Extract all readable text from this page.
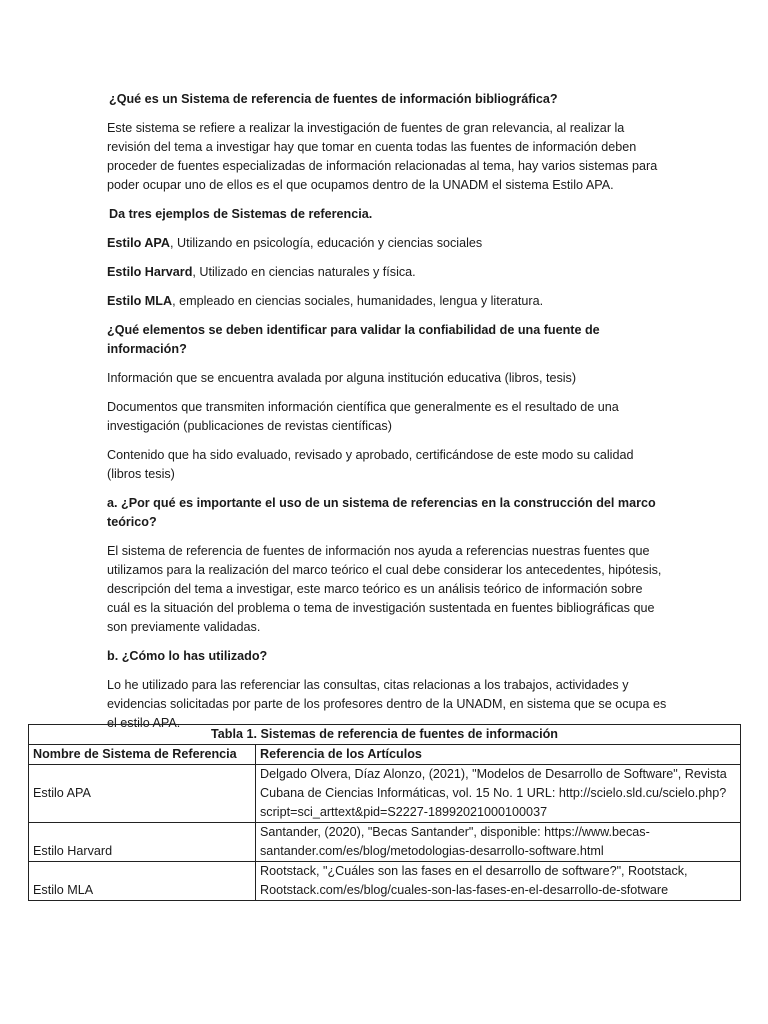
¿Qué es un Sistema de referencia de fuentes de información bibliográfica?

Este sistema se refiere a realizar la investigación de fuentes de gran relevancia, al realizar la revisión del tema a investigar hay que tomar en cuenta todas las fuentes de información deben proceder de fuentes especializadas de información relacionadas al tema, hay varios sistemas para poder ocupar uno de ellos es el que ocupamos dentro de la UNADM el sistema Estilo APA.

Da tres ejemplos de Sistemas de referencia.

Estilo APA, Utilizando en psicología, educación y ciencias sociales

Estilo Harvard, Utilizado en ciencias naturales y física.

Estilo MLA, empleado en ciencias sociales, humanidades, lengua y literatura.

¿Qué elementos se deben identificar para validar la confiabilidad de una fuente de información?

Información que se encuentra avalada por alguna institución educativa (libros, tesis)

Documentos que transmiten información científica que generalmente es el resultado de una investigación (publicaciones de revistas científicas)

Contenido que ha sido evaluado, revisado y aprobado, certificándose de este modo su calidad (libros tesis)

a. ¿Por qué es importante el uso de un sistema de referencias en la construcción del marco teórico?

El sistema de referencia de fuentes de información nos ayuda a referencias nuestras fuentes que utilizamos para la realización del marco teórico el cual debe considerar los antecedentes, hipótesis, descripción del tema a investigar, este marco teórico es un análisis teórico de información sobre cuál es la situación del problema o tema de investigación sustentada en fuentes bibliográficas que son previamente validadas.

b. ¿Cómo lo has utilizado?

Lo he utilizado para las referenciar las consultas, citas relacionas a los trabajos, actividades y evidencias solicitadas por parte de los profesores dentro de la UNADM, en sistema que se ocupa es el estilo APA.

Tabla 1. Sistemas de referencia de fuentes de información	
Nombre de Sistema de Referencia	Referencia de los Artículos
Estilo APA	Delgado Olvera, Díaz Alonzo, (2021), "Modelos de Desarrollo de Software", Revista Cubana de Ciencias Informáticas, vol. 15 No. 1 URL: http://scielo.sld.cu/scielo.php?script=sci_arttext&pid=S2227-18992021000100037
Estilo Harvard	Santander, (2020), "Becas Santander", disponible: https://www.becas-santander.com/es/blog/metodologias-desarrollo-software.html
Estilo MLA	Rootstack, "¿Cuáles son las fases en el desarrollo de software?", Rootstack, Rootstack.com/es/blog/cuales-son-las-fases-en-el-desarrollo-de-sfotware
